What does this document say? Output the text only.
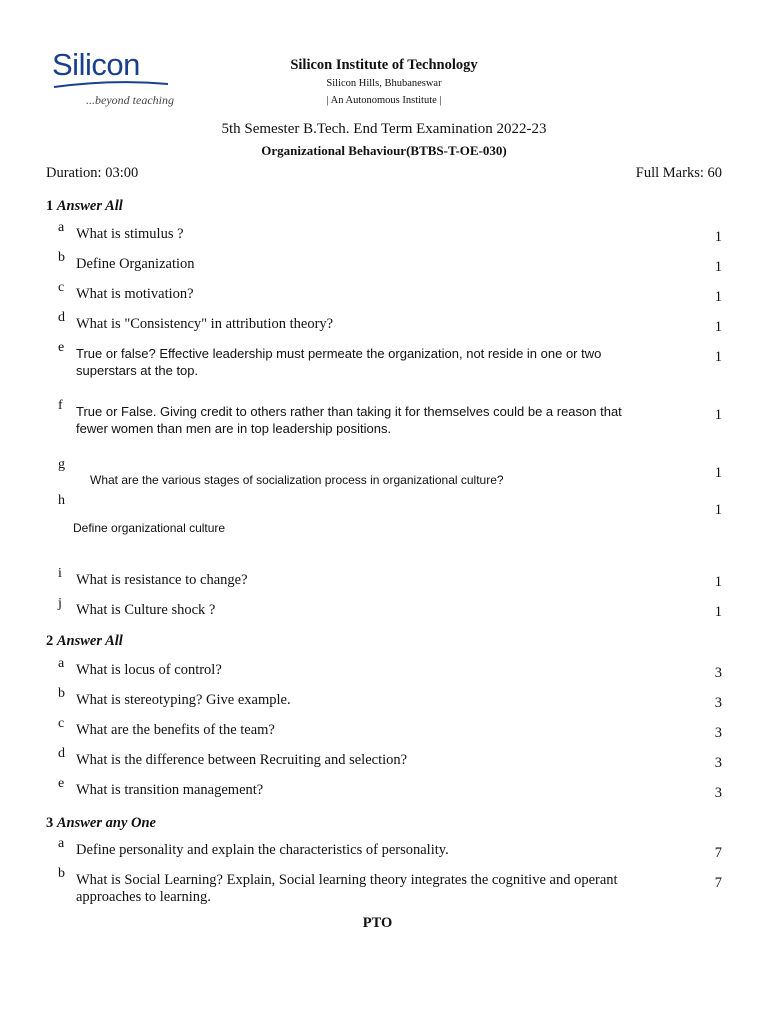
Silicon
...beyond teaching
Silicon Institute of Technology
Silicon Hills, Bhubaneswar
| An Autonomous Institute |
5th Semester B.Tech. End Term Examination 2022-23
Organizational Behaviour(BTBS-T-OE-030)
Duration: 03:00	Full Marks: 60
1 Answer All
a What is stimulus ?	1
b Define Organization	1
c What is motivation?	1
d What is "Consistency" in attribution theory?	1
e True or false? Effective leadership must permeate the organization, not reside in one or two superstars at the top.
1
f True or False. Giving credit to others rather than taking it for themselves could be a reason that fewer women than men are in top leadership positions.
1
g
What are the various stages of socialization process in organizational culture?	1
h
Define organizational culture
1
i What is resistance to change?	1
j What is Culture shock ?	1
2 Answer All
a What is locus of control?	3
b What is stereotyping? Give example.	3
c What are the benefits of the team?	3
d What is the difference between Recruiting and selection?	3
e What is transition management?	3
3 Answer any One
a Define personality and explain the characteristics of personality.	7
b What is Social Learning? Explain, Social learning theory integrates the cogn​itive and operant approaches to learning.
7
PTO
